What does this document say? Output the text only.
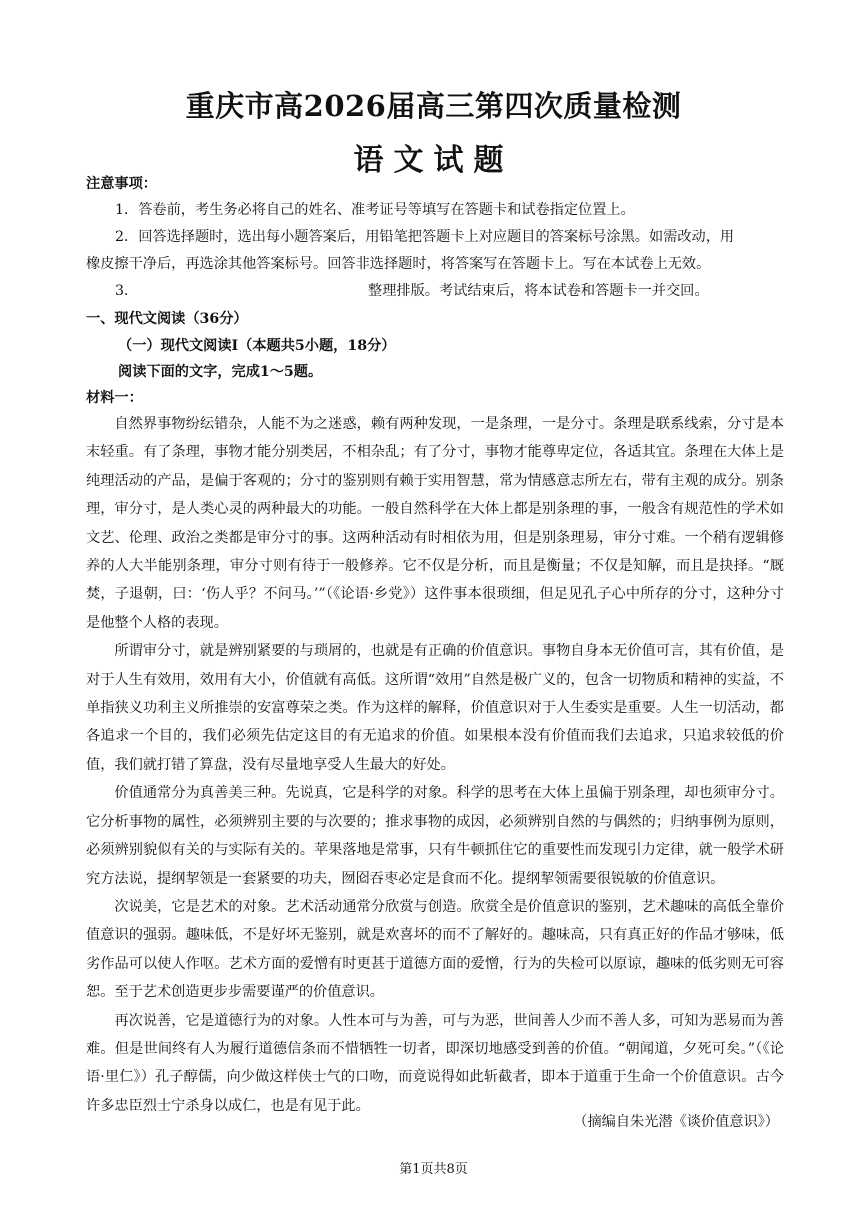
重庆市高2026届高三第四次质量检测
语文试题
注意事项：
1．答卷前，考生务必将自己的姓名、准考证号等填写在答题卡和试卷指定位置上。
2．回答选择题时，选出每小题答案后，用铅笔把答题卡上对应题目的答案标号涂黑。如需改动，用
橡皮擦干净后，再选涂其他答案标号。回答非选择题时，将答案写在答题卡上。写在本试卷上无效。
3．	整理排版。考试结束后，将本试卷和答题卡一并交回。
一、现代文阅读（36分）
（一）现代文阅读Ⅰ（本题共5小题，18分）
阅读下面的文字，完成1～5题。
材料一：

自然界事物纷纭错杂，人能不为之迷惑，赖有两种发现，一是条理，一是分寸。条理是联系线索，分寸是本末轻重。有了条理，事物才能分别类居，不相杂乱；有了分寸，事物才能尊卑定位，各适其宜。条理在大体上是纯理活动的产品，是偏于客观的；分寸的鉴别则有赖于实用智慧，常为情感意志所左右，带有主观的成分。别条理，审分寸，是人类心灵的两种最大的功能。一般自然科学在大体上都是别条理的事，一般含有规范性的学术如文艺、伦理、政治之类都是审分寸的事。这两种活动有时相依为用，但是别条理易，审分寸难。一个稍有逻辑修养的人大半能别条理，审分寸则有待于一般修养。它不仅是分析，而且是衡量；不仅是知解，而且是抉择。“厩焚，子退朝，曰：‘伤人乎？不问马。’”（《论语·乡党》）这件事本很琐细，但足见孔子心中所存的分寸，这种分寸是他整个人格的表现。

所谓审分寸，就是辨别紧要的与琐屑的，也就是有正确的价值意识。事物自身本无价值可言，其有价值，是对于人生有效用，效用有大小，价值就有高低。这所谓“效用”自然是极广义的，包含一切物质和精神的实益，不单指狭义功利主义所推崇的安富尊荣之类。作为这样的解释，价值意识对于人生委实是重要。人生一切活动，都各追求一个目的，我们必须先估定这目的有无追求的价值。如果根本没有价值而我们去追求，只追求较低的价值，我们就打错了算盘，没有尽量地享受人生最大的好处。

价值通常分为真善美三种。先说真，它是科学的对象。科学的思考在大体上虽偏于别条理，却也须审分寸。它分析事物的属性，必须辨别主要的与次要的；推求事物的成因，必须辨别自然的与偶然的；归纳事例为原则，必须辨别貌似有关的与实际有关的。苹果落地是常事，只有牛顿抓住它的重要性而发现引力定律，就一般学术研究方法说，提纲挈领是一套紧要的功夫，囫囵吞枣必定是食而不化。提纲挈领需要很锐敏的价值意识。

次说美，它是艺术的对象。艺术活动通常分欣赏与创造。欣赏全是价值意识的鉴别，艺术趣味的高低全靠价值意识的强弱。趣味低，不是好坏无鉴别，就是欢喜坏的而不了解好的。趣味高，只有真正好的作品才够味，低劣作品可以使人作呕。艺术方面的爱憎有时更甚于道德方面的爱憎，行为的失检可以原谅，趣味的低劣则无可容恕。至于艺术创造更步步需要谨严的价值意识。

再次说善，它是道德行为的对象。人性本可与为善，可与为恶，世间善人少而不善人多，可知为恶易而为善难。但是世间终有人为履行道德信条而不惜牺牲一切者，即深切地感受到善的价值。“朝闻道，夕死可矣。”（《论语·里仁》）孔子醇儒，向少做这样侠士气的口吻，而竟说得如此斩截者，即本于道重于生命一个价值意识。古今许多忠臣烈士宁杀身以成仁，也是有见于此。

（摘编自朱光潜《谈价值意识》）
第1页共8页
